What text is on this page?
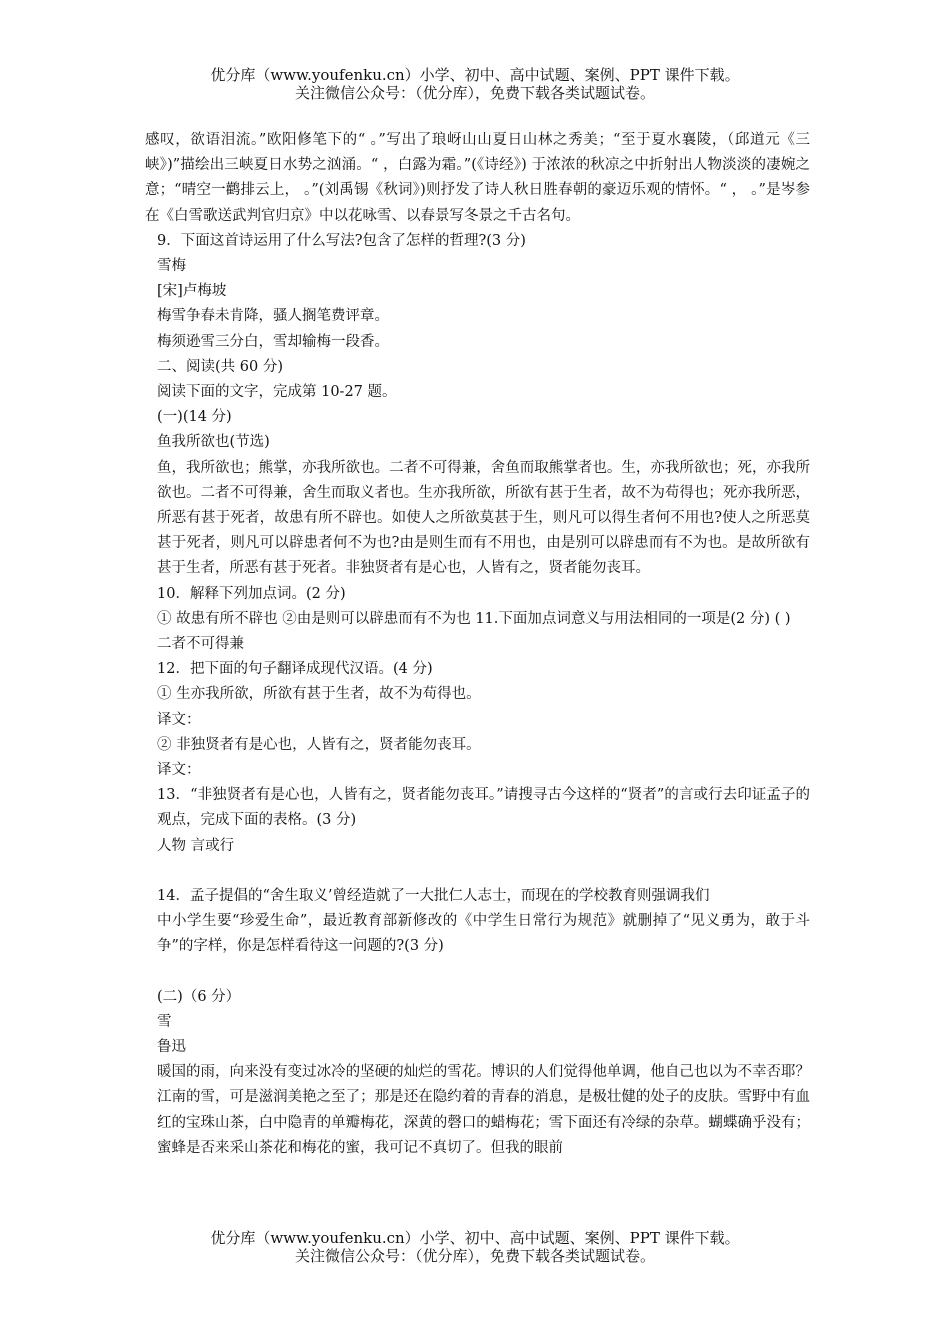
优分库（www.youfenku.cn）小学、初中、高中试题、案例、PPT 课件下载。
关注微信公众号：（优分库），免费下载各类试题试卷。

感叹，欲语泪流。”欧阳修笔下的“ 。”写出了琅岈山山夏日山林之秀美；“至于夏水襄陵，（邱道元《三峡》)”描绘出三峡夏日水势之汹涌。“ ，白露为霜。”(《诗经》) 于浓浓的秋凉之中折射出人物淡淡的凄婉之意；“晴空一鹳排云上， 。”(刘禹锡《秋词》)则抒发了诗人秋日胜春朝的豪迈乐观的情怀。“ ， 。”是岑参在《白雪歌送武判官归京》中以花咏雪、以春景写冬景之千古名句。

9．下面这首诗运用了什么写法?包含了怎样的哲理?(3 分)

雪梅

[宋]卢梅坡

梅雪争春未肯降，骚人搁笔费评章。

梅须逊雪三分白，雪却输梅一段香。

二、阅读(共 60 分)

阅读下面的文字，完成第 10-27 题。

(一)(14 分)

鱼我所欲也(节选)

鱼，我所欲也；熊掌，亦我所欲也。二者不可得兼，舍鱼而取熊掌者也。生，亦我所欲也；死，亦我所欲也。二者不可得兼，舍生而取义者也。生亦我所欲，所欲有甚于生者，故不为苟得也；死亦我所恶，所恶有甚于死者，故患有所不辟也。如使人之所欲莫甚于生，则凡可以得生者何不用也?使人之所恶莫甚于死者，则凡可以辟患者何不为也?由是则生而有不用也，由是别可以辟患而有不为也。是故所欲有甚于生者，所恶有甚于死者。非独贤者有是心也，人皆有之，贤者能勿丧耳。

10．解释下列加点词。(2 分)

① 故患有所不辟也 ②由是则可以辟患而有不为也 11.下面加点词意义与用法相同的一项是(2 分) ( )

二者不可得兼

12．把下面的句子翻译成现代汉语。(4 分)

① 生亦我所欲，所欲有甚于生者，故不为苟得也。

译文：

② 非独贤者有是心也，人皆有之，贤者能勿丧耳。

译文：

13．“非独贤者有是心也，人皆有之，贤者能勿丧耳。”请搜寻古今这样的“贤者”的言或行去印证孟子的观点，完成下面的表格。(3 分)

人物 言或行

14．孟子提倡的“舍生取义’曾经造就了一大批仁人志士，而现在的学校教育则强调我们

中小学生要“珍爱生命”，最近教育部新修改的《中学生日常行为规范》就删掉了“见义勇为，敢于斗争”的字样，你是怎样看待这一问题的?(3 分)

(二)（6 分）

雪

鲁迅

暖国的雨，向来没有变过冰冷的坚硬的灿烂的雪花。博识的人们觉得他单调，他自己也以为不幸否耶？江南的雪，可是滋润美艳之至了；那是还在隐约着的青春的消息，是极壮健的处子的皮肤。雪野中有血红的宝珠山茶，白中隐青的单瓣梅花，深黄的磬口的蜡梅花；雪下面还有冷绿的杂草。蝴蝶确乎没有；蜜蜂是否来采山茶花和梅花的蜜，我可记不真切了。但我的眼前

优分库（www.youfenku.cn）小学、初中、高中试题、案例、PPT 课件下载。
关注微信公众号：（优分库），免费下载各类试题试卷。
